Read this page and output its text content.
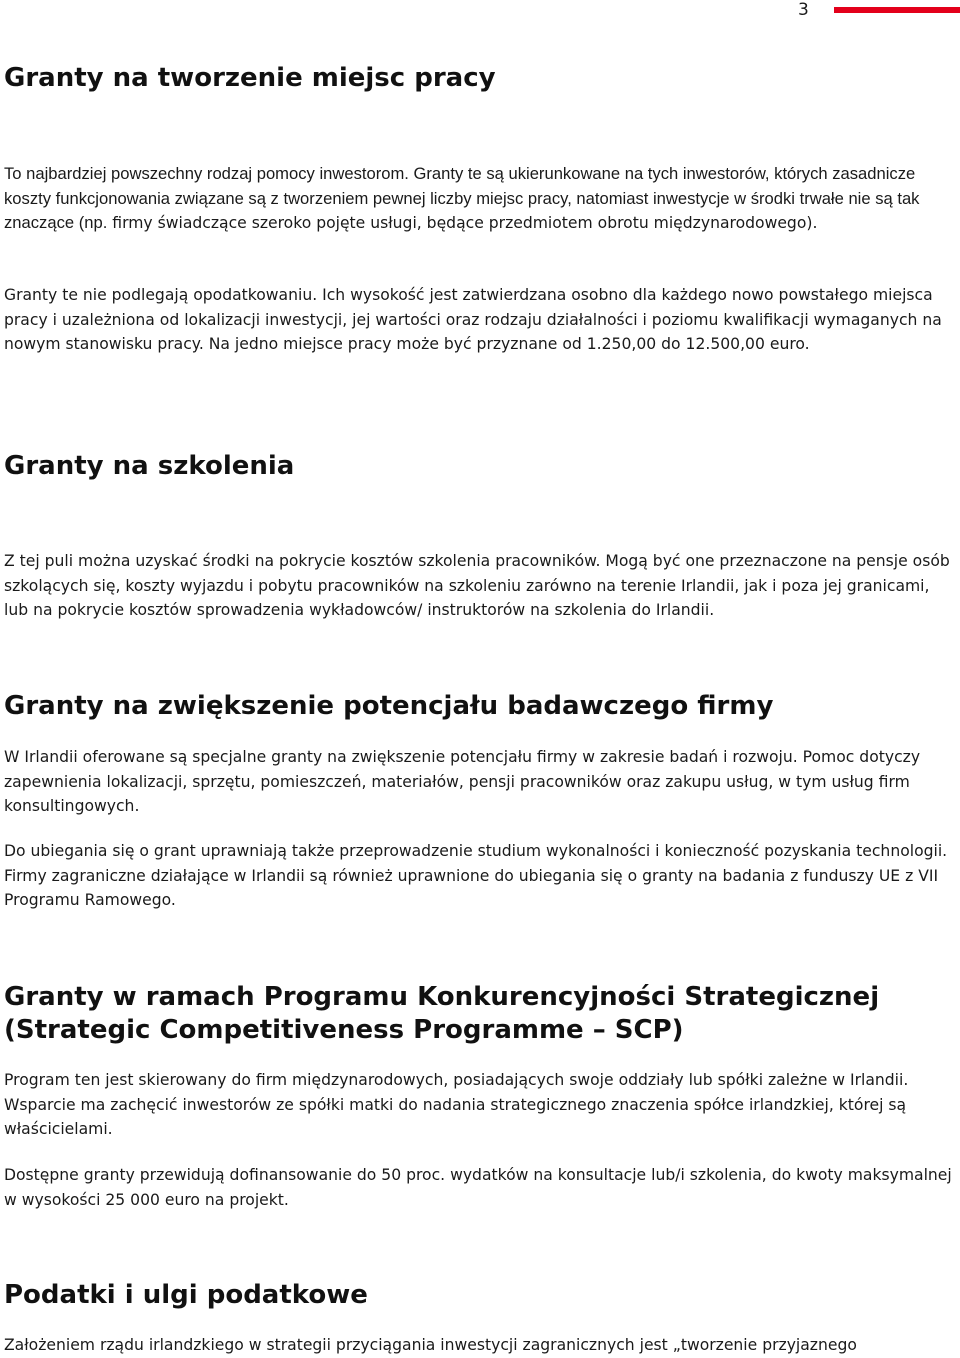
3
Granty na tworzenie miejsc pracy

To najbardziej powszechny rodzaj pomocy inwestorom. Granty te są ukierunkowane na tych inwestorów, których zasadnicze koszty funkcjonowania związane są z tworzeniem pewnej liczby miejsc pracy, natomiast inwestycje w środki trwałe nie są tak znaczące (np. firmy świadczące szeroko pojęte usługi, będące przedmiotem obrotu międzynarodowego).

Granty te nie podlegają opodatkowaniu. Ich wysokość jest zatwierdzana osobno dla każdego nowo powstałego miejsca pracy i uzależniona od lokalizacji inwestycji, jej wartości oraz rodzaju działalności i poziomu kwalifikacji wymaganych na nowym stanowisku pracy. Na jedno miejsce pracy może być przyznane od 1.250,00 do 12.500,00 euro.

Granty na szkolenia

Z tej puli można uzyskać środki na pokrycie kosztów szkolenia pracowników. Mogą być one przeznaczone na pensje osób szkolących się, koszty wyjazdu i pobytu pracowników na szkoleniu zarówno na terenie Irlandii, jak i poza jej granicami, lub na pokrycie kosztów sprowadzenia wykładowców/ instruktorów na szkolenia do Irlandii.

Granty na zwiększenie potencjału badawczego firmy

W Irlandii oferowane są specjalne granty na zwiększenie potencjału firmy w zakresie badań i rozwoju. Pomoc dotyczy zapewnienia lokalizacji, sprzętu, pomieszczeń, materiałów, pensji pracowników oraz zakupu usług, w tym usług firm konsultingowych.

Do ubiegania się o grant uprawniają także przeprowadzenie studium wykonalności i konieczność pozyskania technologii. Firmy zagraniczne działające w Irlandii są również uprawnione do ubiegania się o granty na badania z funduszy UE z VII Programu Ramowego.

Granty w ramach Programu Konkurencyjności Strategicznej (Strategic Competitiveness Programme – SCP)

Program ten jest skierowany do firm międzynarodowych, posiadających swoje oddziały lub spółki zależne w Irlandii. Wsparcie ma zachęcić inwestorów ze spółki matki do nadania strategicznego znaczenia spółce irlandzkiej, której są właścicielami.

Dostępne granty przewidują dofinansowanie do 50 proc. wydatków na konsultacje lub/i szkolenia, do kwoty maksymalnej w wysokości 25 000 euro na projekt.

Podatki i ulgi podatkowe

Założeniem rządu irlandzkiego w strategii przyciągania inwestycji zagranicznych jest „tworzenie przyjaznego
